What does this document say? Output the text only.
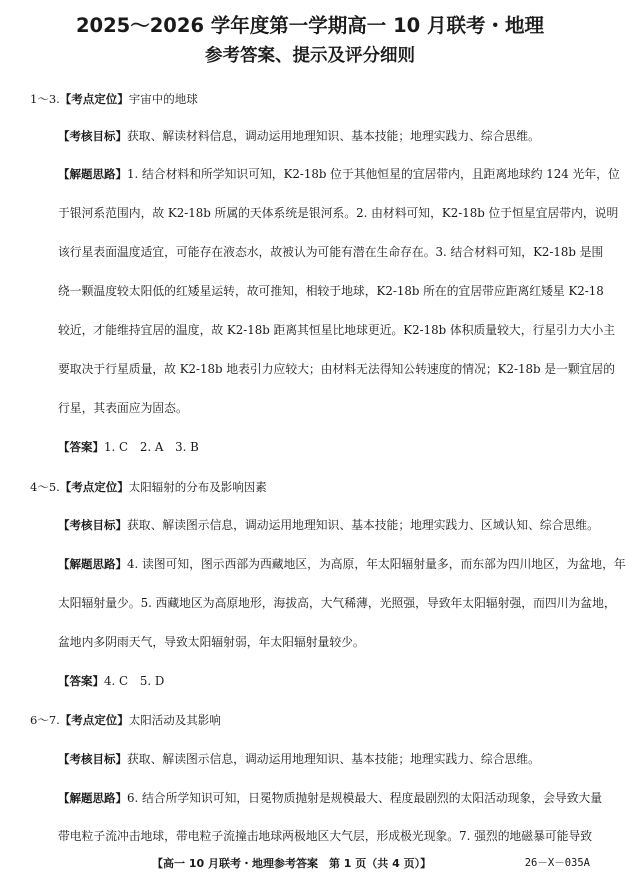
2025～2026 学年度第一学期高一 10 月联考・地理
参考答案、提示及评分细则
1～3.【考点定位】宇宙中的地球
【考核目标】获取、解读材料信息，调动运用地理知识、基本技能；地理实践力、综合思维。
【解题思路】1. 结合材料和所学知识可知，K2-18b 位于其他恒星的宜居带内，且距离地球约 124 光年，位
于银河系范围内，故 K2-18b 所属的天体系统是银河系。2. 由材料可知，K2-18b 位于恒星宜居带内，说明
该行星表面温度适宜，可能存在液态水，故被认为可能有潜在生命存在。3. 结合材料可知，K2-18b 是围
绕一颗温度较太阳低的红矮星运转，故可推知，相较于地球，K2-18b 所在的宜居带应距离红矮星 K2-18
较近，才能维持宜居的温度，故 K2-18b 距离其恒星比地球更近。K2-18b 体积质量较大，行星引力大小主
要取决于行星质量，故 K2-18b 地表引力应较大；由材料无法得知公转速度的情况；K2-18b 是一颗宜居的
行星，其表面应为固态。
【答案】1. C　2. A　3. B
4～5.【考点定位】太阳辐射的分布及影响因素
【考核目标】获取、解读图示信息，调动运用地理知识、基本技能；地理实践力、区域认知、综合思维。
【解题思路】4. 读图可知，图示西部为西藏地区，为高原，年太阳辐射量多，而东部为四川地区，为盆地，年
太阳辐射量少。5. 西藏地区为高原地形，海拔高，大气稀薄，光照强，导致年太阳辐射强，而四川为盆地，
盆地内多阴雨天气，导致太阳辐射弱，年太阳辐射量较少。
【答案】4. C　5. D
6～7.【考点定位】太阳活动及其影响
【考核目标】获取、解读图示信息，调动运用地理知识、基本技能；地理实践力、综合思维。
【解题思路】6. 结合所学知识可知，日冕物质抛射是规模最大、程度最剧烈的太阳活动现象，会导致大量
带电粒子流冲击地球，带电粒子流撞击地球两极地区大气层，形成极光现象。7. 强烈的地磁暴可能导致
【高一 10 月联考・地理参考答案　第 1 页（共 4 页）】	26－X－035A
